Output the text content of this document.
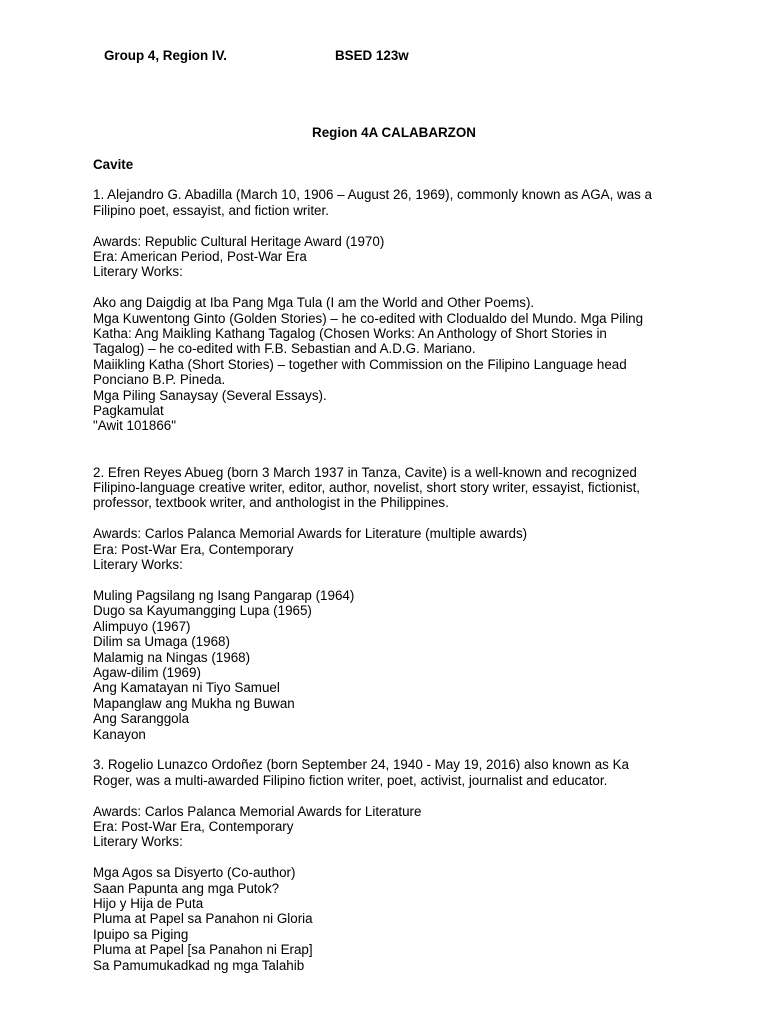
Group 4, Region IV.	BSED 123w
Region 4A CALABARZON
Cavite
1. Alejandro G. Abadilla (March 10, 1906 – August 26, 1969), commonly known as AGA, was a
Filipino poet, essayist, and fiction writer.
Awards: Republic Cultural Heritage Award (1970)
Era: American Period, Post-War Era
Literary Works:
Ako ang Daigdig at Iba Pang Mga Tula (I am the World and Other Poems).
Mga Kuwentong Ginto (Golden Stories) – he co-edited with Clodualdo del Mundo. Mga Piling
Katha: Ang Maikling Kathang Tagalog (Chosen Works: An Anthology of Short Stories in
Tagalog) – he co-edited with F.B. Sebastian and A.D.G. Mariano.
Maiikling Katha (Short Stories) – together with Commission on the Filipino Language head
Ponciano B.P. Pineda.
Mga Piling Sanaysay (Several Essays).
Pagkamulat
"Awit 101866"
2. Efren Reyes Abueg (born 3 March 1937 in Tanza, Cavite) is a well-known and recognized
Filipino-language creative writer, editor, author, novelist, short story writer, essayist, fictionist,
professor, textbook writer, and anthologist in the Philippines.
Awards: Carlos Palanca Memorial Awards for Literature (multiple awards)
Era: Post-War Era, Contemporary
Literary Works:
Muling Pagsilang ng Isang Pangarap (1964)
Dugo sa Kayumangging Lupa (1965)
Alimpuyo (1967)
Dilim sa Umaga (1968)
Malamig na Ningas (1968)
Agaw-dilim (1969)
Ang Kamatayan ni Tiyo Samuel
Mapanglaw ang Mukha ng Buwan
Ang Saranggola
Kanayon
3. Rogelio Lunazco Ordoñez (born September 24, 1940 - May 19, 2016) also known as Ka
Roger, was a multi-awarded Filipino fiction writer, poet, activist, journalist and educator.
Awards: Carlos Palanca Memorial Awards for Literature
Era: Post-War Era, Contemporary
Literary Works:
Mga Agos sa Disyerto (Co-author)
Saan Papunta ang mga Putok?
Hijo y Hija de Puta
Pluma at Papel sa Panahon ni Gloria
Ipuipo sa Piging
Pluma at Papel [sa Panahon ni Erap]
Sa Pamumukadkad ng mga Talahib
